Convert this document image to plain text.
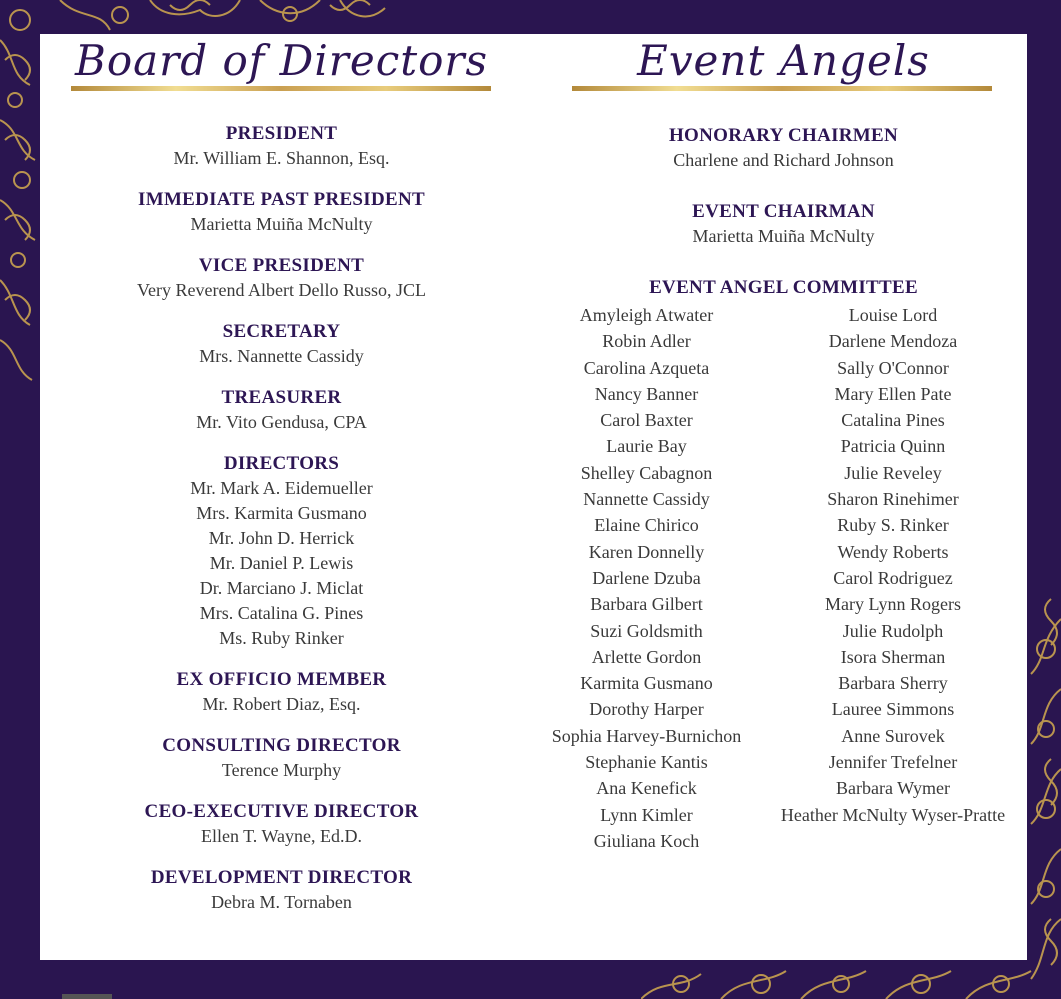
Board of Directors
PRESIDENT
Mr. William E. Shannon, Esq.
IMMEDIATE PAST PRESIDENT
Marietta Muiña McNulty
VICE PRESIDENT
Very Reverend Albert Dello Russo, JCL
SECRETARY
Mrs. Nannette Cassidy
TREASURER
Mr. Vito Gendusa, CPA
DIRECTORS
Mr. Mark A. Eidemueller
Mrs. Karmita Gusmano
Mr. John D. Herrick
Mr. Daniel P. Lewis
Dr. Marciano J. Miclat
Mrs. Catalina G. Pines
Ms. Ruby Rinker
EX OFFICIO MEMBER
Mr. Robert Diaz, Esq.
CONSULTING DIRECTOR
Terence Murphy
CEO-EXECUTIVE DIRECTOR
Ellen T. Wayne, Ed.D.
DEVELOPMENT DIRECTOR
Debra M. Tornaben
Event Angels
HONORARY CHAIRMEN
Charlene and Richard Johnson
EVENT CHAIRMAN
Marietta Muiña McNulty
EVENT ANGEL COMMITTEE
Amyleigh Atwater
Robin Adler
Carolina Azqueta
Nancy Banner
Carol Baxter
Laurie Bay
Shelley Cabagnon
Nannette Cassidy
Elaine Chirico
Karen Donnelly
Darlene Dzuba
Barbara Gilbert
Suzi Goldsmith
Arlette Gordon
Karmita Gusmano
Dorothy Harper
Sophia Harvey-Burnichon
Stephanie Kantis
Ana Kenefick
Lynn Kimler
Giuliana Koch
Louise Lord
Darlene Mendoza
Sally O'Connor
Mary Ellen Pate
Catalina Pines
Patricia Quinn
Julie Reveley
Sharon Rinehimer
Ruby S. Rinker
Wendy Roberts
Carol Rodriguez
Mary Lynn Rogers
Julie Rudolph
Isora Sherman
Barbara Sherry
Lauree Simmons
Anne Surovek
Jennifer Trefelner
Barbara Wymer
Heather McNulty Wyser-Pratte
